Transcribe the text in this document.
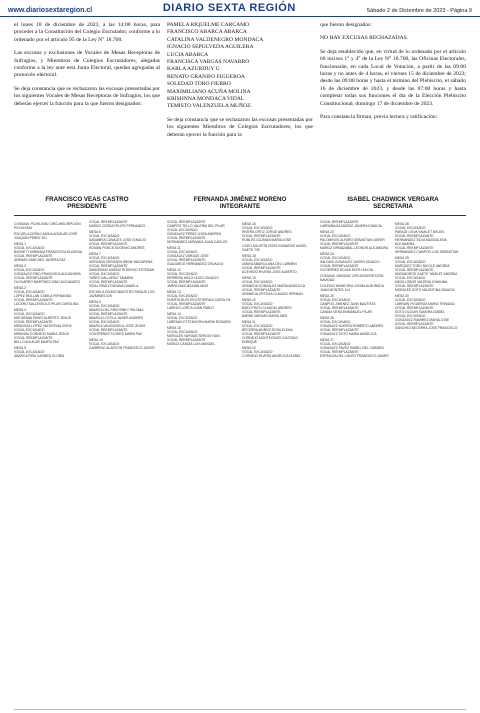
www.diariosextaregion.cl	DIARIO SEXTA REGIÓN	Sábado 2 de Diciembre de 2023 - Página 9

el lunes 18 de diciembre de 2023, a las 14:00 horas, para proceder a la Constitución del Colegio Escrutador, conforme a lo ordenado por el artículo 95 de la Ley N° 18.700.

Las excusas y exclusiones de Vocales de Mesas Receptoras de Sufragios, y Miembros de Colegios Escrutadores, alegadas conforme a la ley ante esta Junta Electoral, quedan agregadas al protocolo electoral.

Se deja constancia que se rechazaron las excusas presentadas por los siguientes Vocales de Mesas Receptoras de Sufragios, los que deberán ejercer la función para la que fueron designados:

PAMELA RIQUELME CARCAMO
FRANCISCO ABARCA ABARCA
CATALINA VALDENEGRO MONDACA
IGNACIO SEPULVEDA AGUILERA
LUCIA ABARCA
FRANCISCA VARGAS NAVARRO
KARLA AZURDUY G
RENATO GRANIFO FIGUEROA
SOLEDAD TORO FIERRO
MAXIMILIANO ACUÑA MOLINA
KRISHNNA MONDACA VIDAL
TEMISTO VALENZUELA MUÑOZ.

Se deja constancia que se rechazaron las excusas presentadas por los siguientes Miembros de Colegios Escrutadores, los que deberán ejercer la función para la

que fueron designados:

NO HAY EXCUSAS RECHAZADAS.

Se deja establecido que, en virtud de lo ordenado por el artículo 60 incisos 1° y 4° de la Ley N° 18.700, las Oficinas Electorales, funcionarán, en cada Local de Votación, a partir de las 09:00 horas y no antes de 4 horas, el viernes 15 de diciembre de 2023; desde las 09:00 horas y hasta el término del Plebiscito, el sábado 16 de diciembre de 2023, y desde las 07:00 horas y hasta completar todas sus funciones el día de la Elección Plebiscito Constitucional, domingo 17 de diciembre de 2023.

Para constancia firman, previa lectura y ratificación:

FRANCISCO VEAS CASTRO
PRESIDENTE
FERNANDA JIMÉNEZ MORENO
INTEGRANTE
ISABEL CHADWICK VERGARA
SECRETARIA
COMUNA: PICHILEMU CIRCUNSCRIPCIÓN: PICHILEMU
ESCUELA DOÑA CAMILA AGUILAR JOSÉ JOAQUÍN PEREZ 201
MESA 1
VOCAL EXCUSADO
BASHETT MIRANDA FRANCESCA EUGENIA
VOCAL REEMPLAZANTE
ARENAS SANCHEZ JAVIERA PAZ
MESA 2
VOCAL EXCUSADO
GONZALEZ PINO FRANCISCA ALEJANDRA
VOCAL REEMPLAZANTE
OLGUARRO MARTINEZ DINO ALEJANDRO
MESA 3
VOCAL EXCUSADO
LOPEZ MOLLAN CAMILA FERNANDA
VOCAL REEMPLAZANTE
LUCERO SALLESSOLO PILAR CAROLINA
MESA 4
VOCAL EXCUSADO
MATURANA PAVEZ ALBERTO JESUS
VOCAL REEMPLAZANTE
MENDOZA LOPEZ VALENTINA SOFIA
VOCAL EXCUSADO
MIRANDA CORNEJO MARIA JESUS
VOCAL REEMPLAZANTE
BELLO AGUILAR MARTA PAZ
MESA 5
VOCAL EXCUSADO
ABARCA PIÑA CARMEN GLORIA
VOCAL REEMPLAZANTE
MUÑOZ CERDA FELIPE FERNANDO
MESA 6
VOCAL EXCUSADO
SANABRIA CANALES JOSE IGNACIO
VOCAL REEMPLAZANTE
ROMAN PONCE EUGENIO ANDRES
MESA 7
VOCAL EXCUSADO
VERGARA VERGARA IRENE MACARENA
VOCAL REEMPLAZANTE
ZAMORANO MUÑOZ RODRIGO ESTEBAN
VOCAL EXCUSADO
YAÑEZ GALLARDO TAMARA
VOCAL REEMPLAZANTE
VIDAL PAVEZ DAYANA DANIELA
ESCUELA DIVINO MAESTRO PASAJE LOS JAZMINES 025
MESA 9
VOCAL EXCUSADO
ABARCA DEL PINO EMILY PALOMA
VOCAL REEMPLAZANTE
ABARCA LOYOLA JAVIER ANDRES
VOCAL EXCUSADO
ABARCA VALENZUELA JOSE JESUS
VOCAL REEMPLAZANTE
CONTRERAS FLORES MARIA PAZ
MESA 10
VOCAL EXCUSADO
CARRENO ALARCON FRANCISCO JAVIER
VOCAL REEMPLAZANTE
CAMPOS TELLO VALERIA DEL PILAR
VOCAL EXCUSADO
GONZALEZ PEREZ LISSA ANDREA
VOCAL REEMPLAZANTE
HERNANDEZ MIRANDA JUAN CARLOS
MESA 11
VOCAL EXCUSADO
GONZALEZ VARGAS JOSE
VOCAL REEMPLAZANTE
GUAJARDO HERNANDEZ OSVALDO
MESA 12
VOCAL EXCUSADO
HERRERA MELO HUGO IGNACIO
VOCAL REEMPLAZANTE
JARPA DIAZ MAXIMILIANO
MESA 13
VOCAL EXCUSADO
HUERTA BUSTOS ESTHEFANI CAROLYN
VOCAL REEMPLAZANTE
LAREDO LORCA JUAN PABLO
MESA 14
VOCAL EXCUSADO
LARENAS ETTENSOHN MARIA ROSARIO
MESA 15
VOCAL EXCUSADO
MORALES VARGAS SERGIO IVAN
VOCAL REEMPLAZANTE
MUÑOZ CANDIA LUIS MANUEL
MESA 16
VOCAL EXCUSADO
RIVERA ORTIZ JORGE ANDRES
VOCAL REEMPLAZANTE
ROBLES GUZMAN MARIA JOSE
LICEO AGUSTÍN ROSS EDWARDS ANGEL GAETE 735
MESA 18
VOCAL EXCUSADO
AMAYA ABARCA ANA DEL CARMEN
VOCAL REEMPLAZANTE
ACEVEDO RIVERA JOSE ALBERTO
MESA 19
VOCAL EXCUSADO
ARANEDA GONZALEZ MARIA ANGELICA
VOCAL REEMPLAZANTE
ARANEDA ORTEGA CLAUDIO HERNAN
MESA 20
VOCAL EXCUSADO
BAEZ PINTO CLAUDIO ANDRES
VOCAL REEMPLAZANTE
BARRA VARGAS MARIA INES
MESA 21
VOCAL EXCUSADO
BECERRA MUÑOZ ROSA ELENA
VOCAL REEMPLAZANTE
CORNEJO MONTECINOS GUSTAVO ENRIQUE
MESA 22
VOCAL EXCUSADO
CORNEJO RIVERA ANGELICA ISABEL
VOCAL REEMPLAZANTE
LARRAÑAGA MUÑOZ JAVIERA IGNACIA
MESA 23
VOCAL EXCUSADO
PALOMINOS ALFARO SEBASTIAN JAVIER
VOCAL REEMPLAZANTE
MUÑOZ ORMAZABAL LEONOR ALEJANDRA
MESA 24
VOCAL EXCUSADO
SALDIAS GONZALEZ JAVIER IGNACIO
VOCAL REEMPLAZANTE
GUTIERREZ ROJAS EDITH ALICIA
COMUNA: NAVIDAD CIRCUNSCRIPCIÓN: NAVIDAD
COLEGIO MUNICIPAL DIVINA ALBORADA JUAN MONTES 114
MESA 25
VOCAL EXCUSADO
CAMPOS JIMENEZ JUAN BAUTISTA
VOCAL REEMPLAZANTE
CANDIA VERA EMMANUEL PILAR
MESA 26
VOCAL EXCUSADO
GONZALEZ HUERTA ROBERTO ANDRES
VOCAL REEMPLAZANTE
GONZALEZ SOTO MARIA ANGELICA
MESA 27
VOCAL EXCUSADO
GONZALEZ PAVEZ ISABEL DEL CARMEN
VOCAL REEMPLAZANTE
ESPINOZA DEL CANTO FRANCISCO JAVIER
MESA 28
VOCAL EXCUSADO
PARAJE LEIVA YAMILET BELEN
VOCAL REEMPLAZANTE
HERNANDEZ SILVA MAGDALENA ALEJANDRA
VOCAL REEMPLAZANTE
HERNANDEZ CAMPOS LUIS SEBASTIAN
MESA 29
VOCAL EXCUSADO
MARQUEZ TORO NICOLE ANDREA
VOCAL REEMPLAZANTE
MATAMOROS GAETE YAMILET ANDREA
VOCAL EXCUSADO
MEZA LOBOS VALERIA JOHANNA
VOCAL REEMPLAZANTE
MORALES SOTO VALENTINA IGNACIA
MESA 30
VOCAL EXCUSADO
LARRAÍN FIGUEROA MARIA TRINIDAD
VOCAL REEMPLAZANTE
SOTO OLGUIN SANDRA ISABEL
VOCAL EXCUSADO
GONZALEZ RAMIREZ MARIA JOSE
VOCAL REEMPLAZANTE
SANCHEZ BECERRA JOSE FRANCISCO
